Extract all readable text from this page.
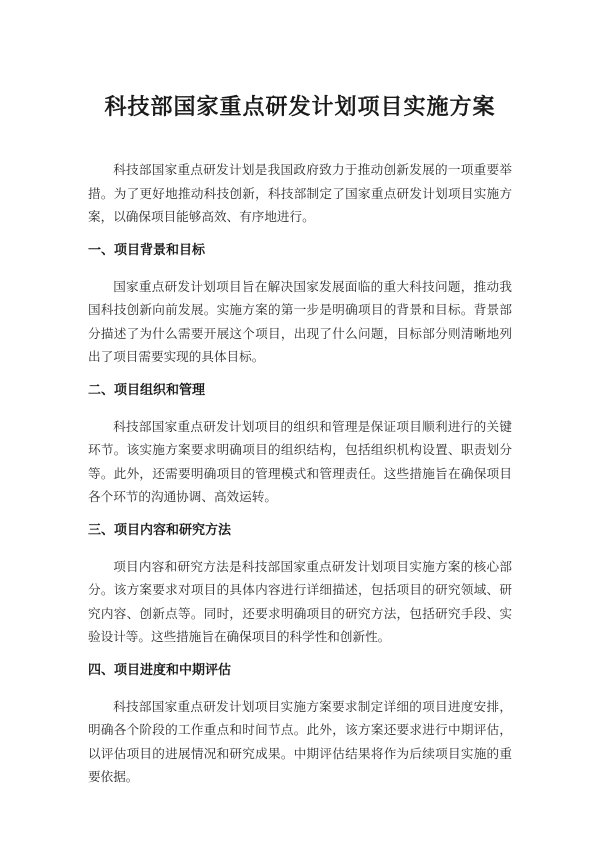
科技部国家重点研发计划项目实施方案

科技部国家重点研发计划是我国政府致力于推动创新发展的一项重要举措。为了更好地推动科技创新，科技部制定了国家重点研发计划项目实施方案，以确保项目能够高效、有序地进行。

一、项目背景和目标

国家重点研发计划项目旨在解决国家发展面临的重大科技问题，推动我国科技创新向前发展。实施方案的第一步是明确项目的背景和目标。背景部分描述了为什么需要开展这个项目，出现了什么问题，目标部分则清晰地列出了项目需要实现的具体目标。

二、项目组织和管理

科技部国家重点研发计划项目的组织和管理是保证项目顺利进行的关键环节。该实施方案要求明确项目的组织结构，包括组织机构设置、职责划分等。此外，还需要明确项目的管理模式和管理责任。这些措施旨在确保项目各个环节的沟通协调、高效运转。

三、项目内容和研究方法

项目内容和研究方法是科技部国家重点研发计划项目实施方案的核心部分。该方案要求对项目的具体内容进行详细描述，包括项目的研究领域、研究内容、创新点等。同时，还要求明确项目的研究方法，包括研究手段、实验设计等。这些措施旨在确保项目的科学性和创新性。

四、项目进度和中期评估

科技部国家重点研发计划项目实施方案要求制定详细的项目进度安排，明确各个阶段的工作重点和时间节点。此外，该方案还要求进行中期评估，以评估项目的进展情况和研究成果。中期评估结果将作为后续项目实施的重要依据。
